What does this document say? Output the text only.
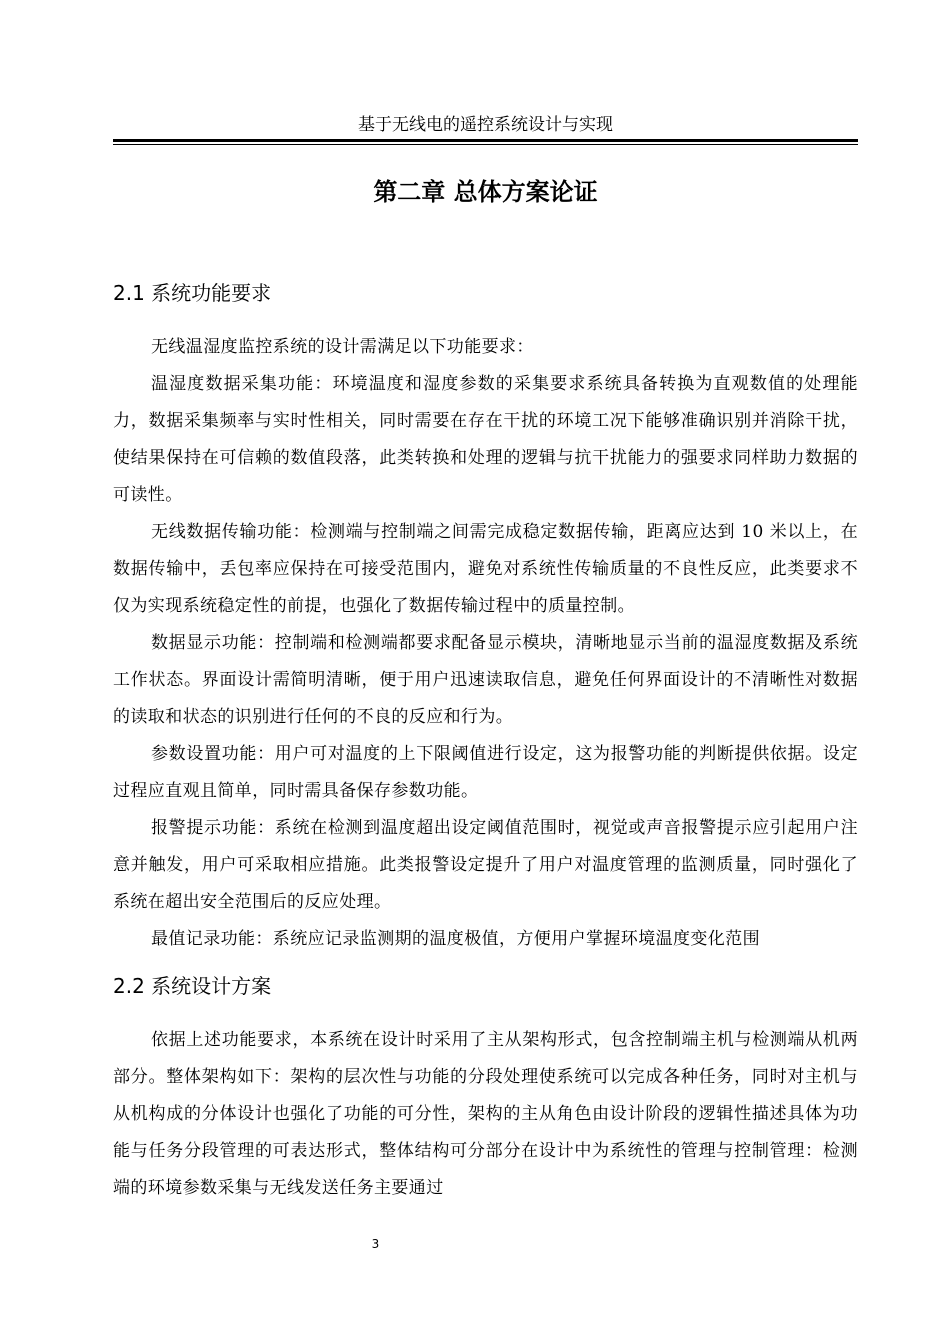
基于无线电的遥控系统设计与实现
第二章 总体方案论证
2.1 系统功能要求

无线温湿度监控系统的设计需满足以下功能要求：

温湿度数据采集功能：环境温度和湿度参数的采集要求系统具备转换为直观数值的处理能力，数据采集频率与实时性相关，同时需要在存在干扰的环境工况下能够准确识别并消除干扰，使结果保持在可信赖的数值段落，此类转换和处理的逻辑与抗干扰能力的强要求同样助力数据的可读性。

无线数据传输功能：检测端与控制端之间需完成稳定数据传输，距离应达到 10 米以上，在数据传输中，丢包率应保持在可接受范围内，避免对系统性传输质量的不良性反应，此类要求不仅为实现系统稳定性的前提，也强化了数据传输过程中的质量控制。

数据显示功能：控制端和检测端都要求配备显示模块，清晰地显示当前的温湿度数据及系统工作状态。界面设计需简明清晰，便于用户迅速读取信息，避免任何界面设计的不清晰性对数据的读取和状态的识别进行任何的不良的反应和行为。

参数设置功能：用户可对温度的上下限阈值进行设定，这为报警功能的判断提供依据。设定过程应直观且简单，同时需具备保存参数功能。

报警提示功能：系统在检测到温度超出设定阈值范围时，视觉或声音报警提示应引起用户注意并触发，用户可采取相应措施。此类报警设定提升了用户对温度管理的监测质量，同时强化了系统在超出安全范围后的反应处理。

最值记录功能：系统应记录监测期的温度极值，方便用户掌握环境温度变化范围

2.2 系统设计方案

依据上述功能要求，本系统在设计时采用了主从架构形式，包含控制端主机与检测端从机两部分。整体架构如下：架构的层次性与功能的分段处理使系统可以完成各种任务，同时对主机与从机构成的分体设计也强化了功能的可分性，架构的主从角色由设计阶段的逻辑性描述具体为功能与任务分段管理的可表达形式，整体结构可分部分在设计中为系统性的管理与控制管理：检测端的环境参数采集与无线发送任务主要通过

3
